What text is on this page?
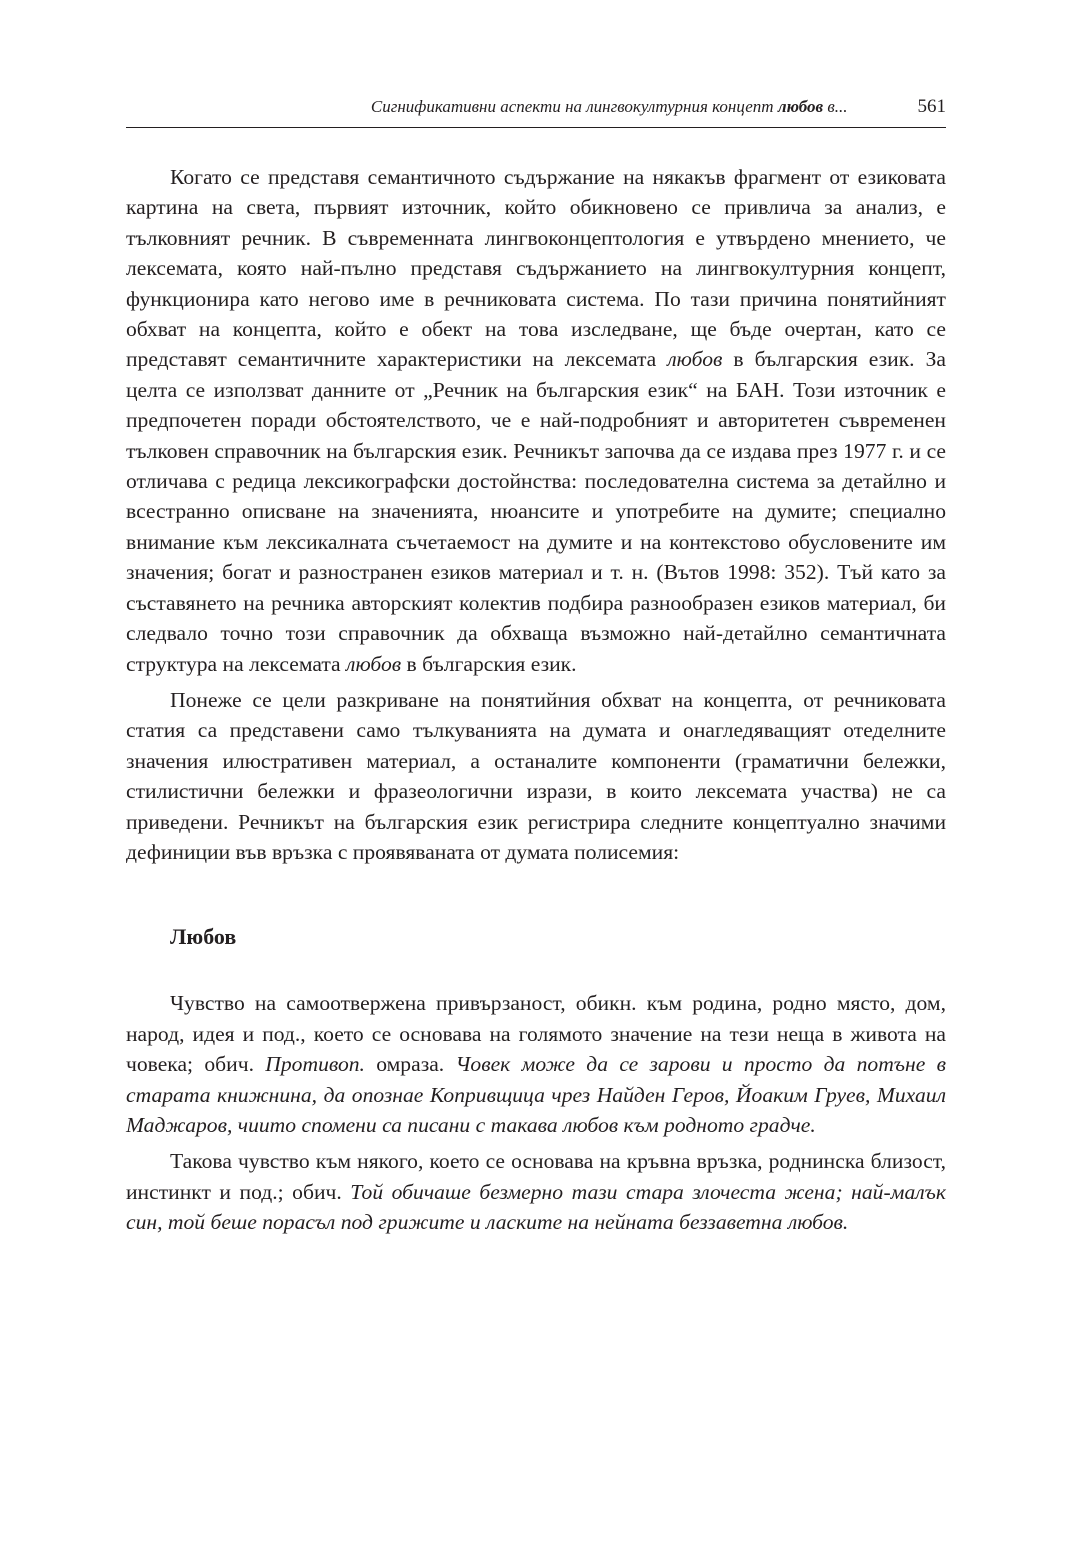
Сигнификативни аспекти на лингвокултурния концепт любов в...	561

Когато се представя семантичното съдържание на някакъв фрагмент от езиковата картина на света, първият източник, който обикновено се привлича за анализ, е тълковният речник. В съвременната лингвоконцептология е утвърдено мнението, че лексемата, която най-пълно представя съдържанието на лингвокултурния концепт, функционира като негово име в речниковата система. По тази причина понятийният обхват на концепта, който е обект на това изследване, ще бъде очертан, като се представят семантичните характеристики на лексемата любов в българския език. За целта се използват данните от „Речник на българския език“ на БАН. Този източник е предпочетен поради обстоятелството, че е най-подробният и авторитетен съвременен тълковен справочник на българския език. Речникът започва да се издава през 1977 г. и се отличава с редица лексикографски достойнства: последователна система за детайлно и всестранно описване на значенията, нюансите и употребите на думите; специално внимание към лексикалната съчетаемост на думите и на контекстово обусловените им значения; богат и разностранен езиков материал и т. н. (Вътов 1998: 352). Тъй като за съставянето на речника авторският колектив подбира разнообразен езиков материал, би следвало точно този справочник да обхваща възможно най-детайлно семантичната структура на лексемата любов в българския език.

Понеже се цели разкриване на понятийния обхват на концепта, от речниковата статия са представени само тълкуванията на думата и онагледяващият отеделните значения илюстративен материал, а останалите компоненти (граматични бележки, стилистични бележки и фразеологични изрази, в които лексемата участва) не са приведени. Речникът на българския език регистрира следните концептуално значими дефиниции във връзка с проявяваната от думата полисемия:

Любов

Чувство на самоотвержена привързаност, обикн. към родина, родно място, дом, народ, идея и под., което се основава на голямото значение на тези неща в живота на човека; обич. Противоп. омраза. Човек може да се зарови и просто да потъне в старата книжнина, да опознае Копривщица чрез Найден Геров, Йоаким Груев, Михаил Маджаров, чиито спомени са писани с такава любов към родното градче.

Такова чувство към някого, което се основава на кръвна връзка, роднинска близост, инстинкт и под.; обич. Той обичаше безмерно тази стара злочеста жена; най-малък син, той беше порасъл под грижите и ласките на нейната беззаветна любов.
